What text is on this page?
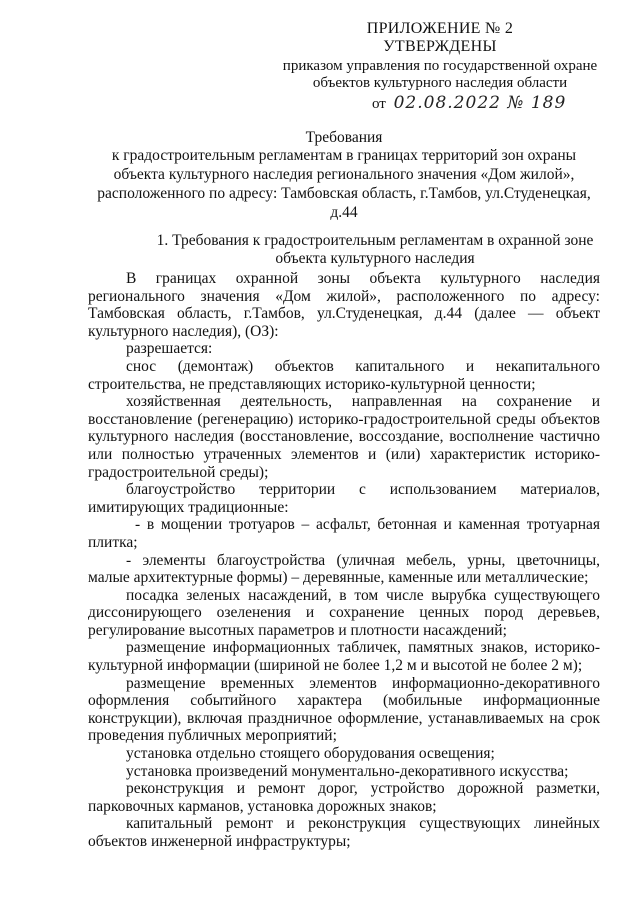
ПРИЛОЖЕНИЕ № 2
УТВЕРЖДЕНЫ
приказом управления по государственной охране
объектов культурного наследия области
от 02.08.2022 № 189
Требования
к градостроительным регламентам в границах территорий зон охраны объекта культурного наследия регионального значения «Дом жилой», расположенного по адресу: Тамбовская область, г.Тамбов, ул.Студенецкая, д.44
1. Требования к градостроительным регламентам в охранной зоне объекта культурного наследия

В границах охранной зоны объекта культурного наследия регионального значения «Дом жилой», расположенного по адресу: Тамбовская область, г.Тамбов, ул.Студенецкая, д.44 (далее — объект культурного наследия), (ОЗ):

разрешается:

снос (демонтаж) объектов капитального и некапитального строительства, не представляющих историко-культурной ценности;

хозяйственная деятельность, направленная на сохранение и восстановление (регенерацию) историко-градостроительной среды объектов культурного наследия (восстановление, воссоздание, восполнение частично или полностью утраченных элементов и (или) характеристик историко-градостроительной среды);

благоустройство территории с использованием материалов, имитирующих традиционные:

- в мощении тротуаров – асфальт, бетонная и каменная тротуарная плитка;

- элементы благоустройства (уличная мебель, урны, цветочницы, малые архитектурные формы) – деревянные, каменные или металлические;

посадка зеленых насаждений, в том числе вырубка существующего диссонирующего озеленения и сохранение ценных пород деревьев, регулирование высотных параметров и плотности насаждений;

размещение информационных табличек, памятных знаков, историко-культурной информации (шириной не более 1,2 м и высотой не более 2 м);

размещение временных элементов информационно-декоративного оформления событийного характера (мобильные информационные конструкции), включая праздничное оформление, устанавливаемых на срок проведения публичных мероприятий;

установка отдельно стоящего оборудования освещения;

установка произведений монументально-декоративного искусства;

реконструкция и ремонт дорог, устройство дорожной разметки, парковочных карманов, установка дорожных знаков;

капитальный ремонт и реконструкция существующих линейных объектов инженерной инфраструктуры;
